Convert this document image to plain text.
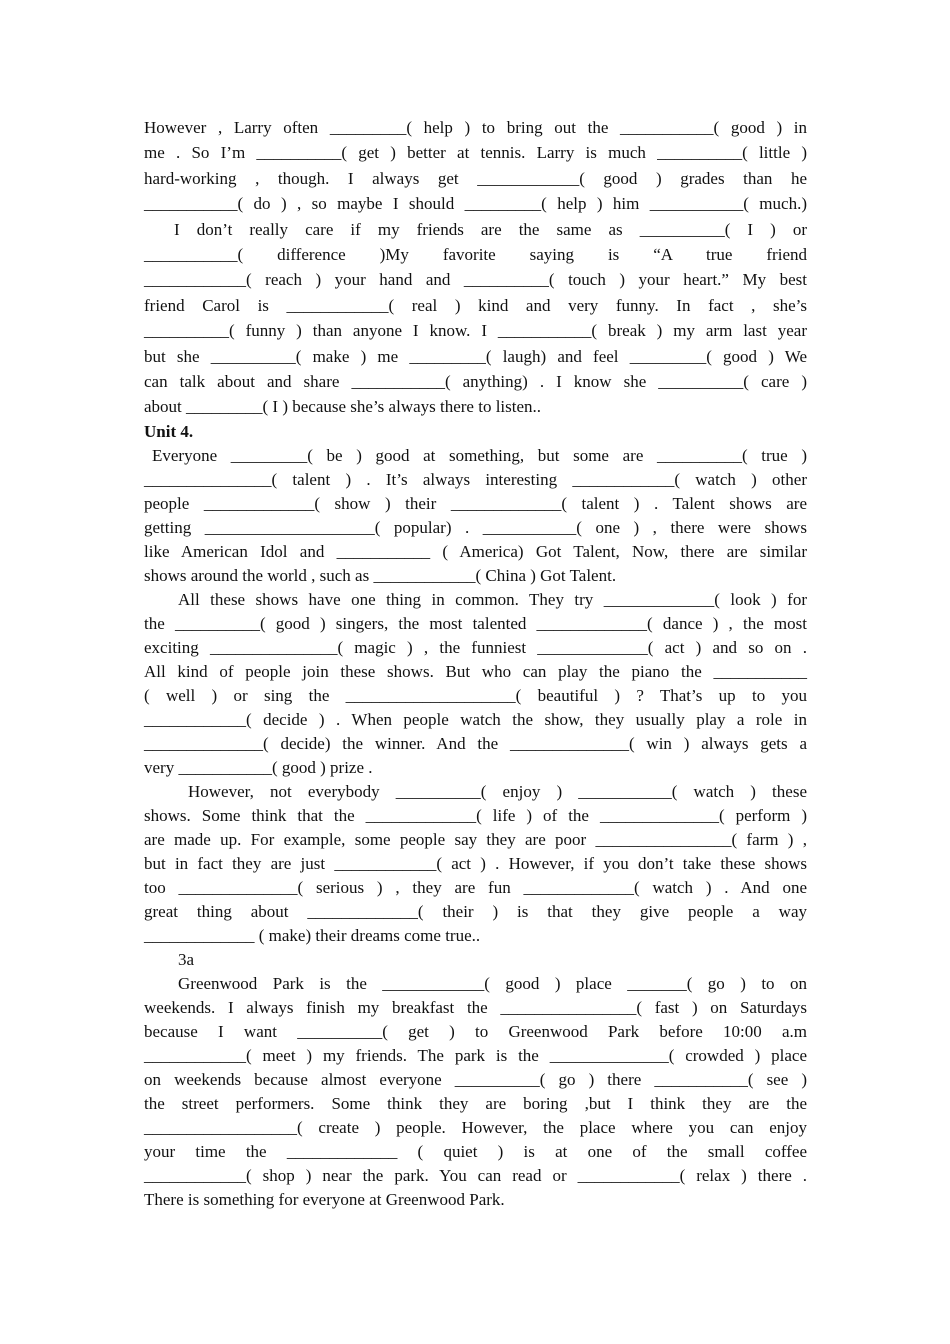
However , Larry often _________( help ) to bring out the ___________( good ) in
me . So I’m __________( get ) better at tennis. Larry is much __________( little )
hard-working , though. I always get ____________( good ) grades than he
___________( do ) , so maybe I should _________( help ) him ___________( much.)
I don’t really care if my friends are the same as __________( I ) or
___________( difference )My favorite saying is “A true friend
____________( reach ) your hand and __________( touch ) your heart.” My best
friend Carol is ____________( real ) kind and very funny. In fact , she’s
__________( funny ) than anyone I know. I ___________( break ) my arm last year
but she __________( make ) me _________( laugh) and feel _________( good ) We
can talk about and share ___________( anything) . I know she __________( care )
about _________( I ) because she’s always there to listen..
Unit 4.
Everyone _________( be ) good at something, but some are __________( true )
_______________( talent ) . It’s always interesting ____________( watch ) other
people _____________( show ) their _____________( talent ) . Talent shows are
getting ____________________( popular) . ___________( one ) , there were shows
like American Idol and ___________ ( America) Got Talent, Now, there are similar
shows around the world , such as ____________( China ) Got Talent.
All these shows have one thing in common. They try _____________( look ) for
the __________( good ) singers, the most talented _____________( dance ) , the most
exciting _______________( magic ) , the funniest _____________( act ) and so on .
All kind of people join these shows. But who can play the piano the ___________
( well ) or sing the ____________________( beautiful ) ? That’s up to you
____________( decide ) . When people watch the show, they usually play a role in
______________( decide) the winner. And the ______________( win ) always gets a
very ___________( good ) prize .
However, not everybody __________( enjoy ) ___________( watch ) these
shows. Some think that the _____________( life ) of the ______________( perform )
are made up. For example, some people say they are poor ________________( farm ) ,
but in fact they are just ____________( act ) . However, if you don’t take these shows
too ______________( serious ) , they are fun _____________( watch ) . And one
great thing about _____________( their ) is that they give people a way
_____________ ( make) their dreams come true..
3a
Greenwood Park is the ____________( good ) place _______( go ) to on
weekends. I always finish my breakfast the ________________( fast ) on Saturdays
because I want __________( get ) to Greenwood Park before 10:00 a.m
____________( meet ) my friends. The park is the ______________( crowded ) place
on weekends because almost everyone __________( go ) there ___________( see )
the street performers. Some think they are boring ,but I think they are the
__________________( create ) people. However, the place where you can enjoy
your time the _____________ ( quiet ) is at one of the small coffee
____________( shop ) near the park. You can read or ____________( relax ) there .
There is something for everyone at Greenwood Park.
